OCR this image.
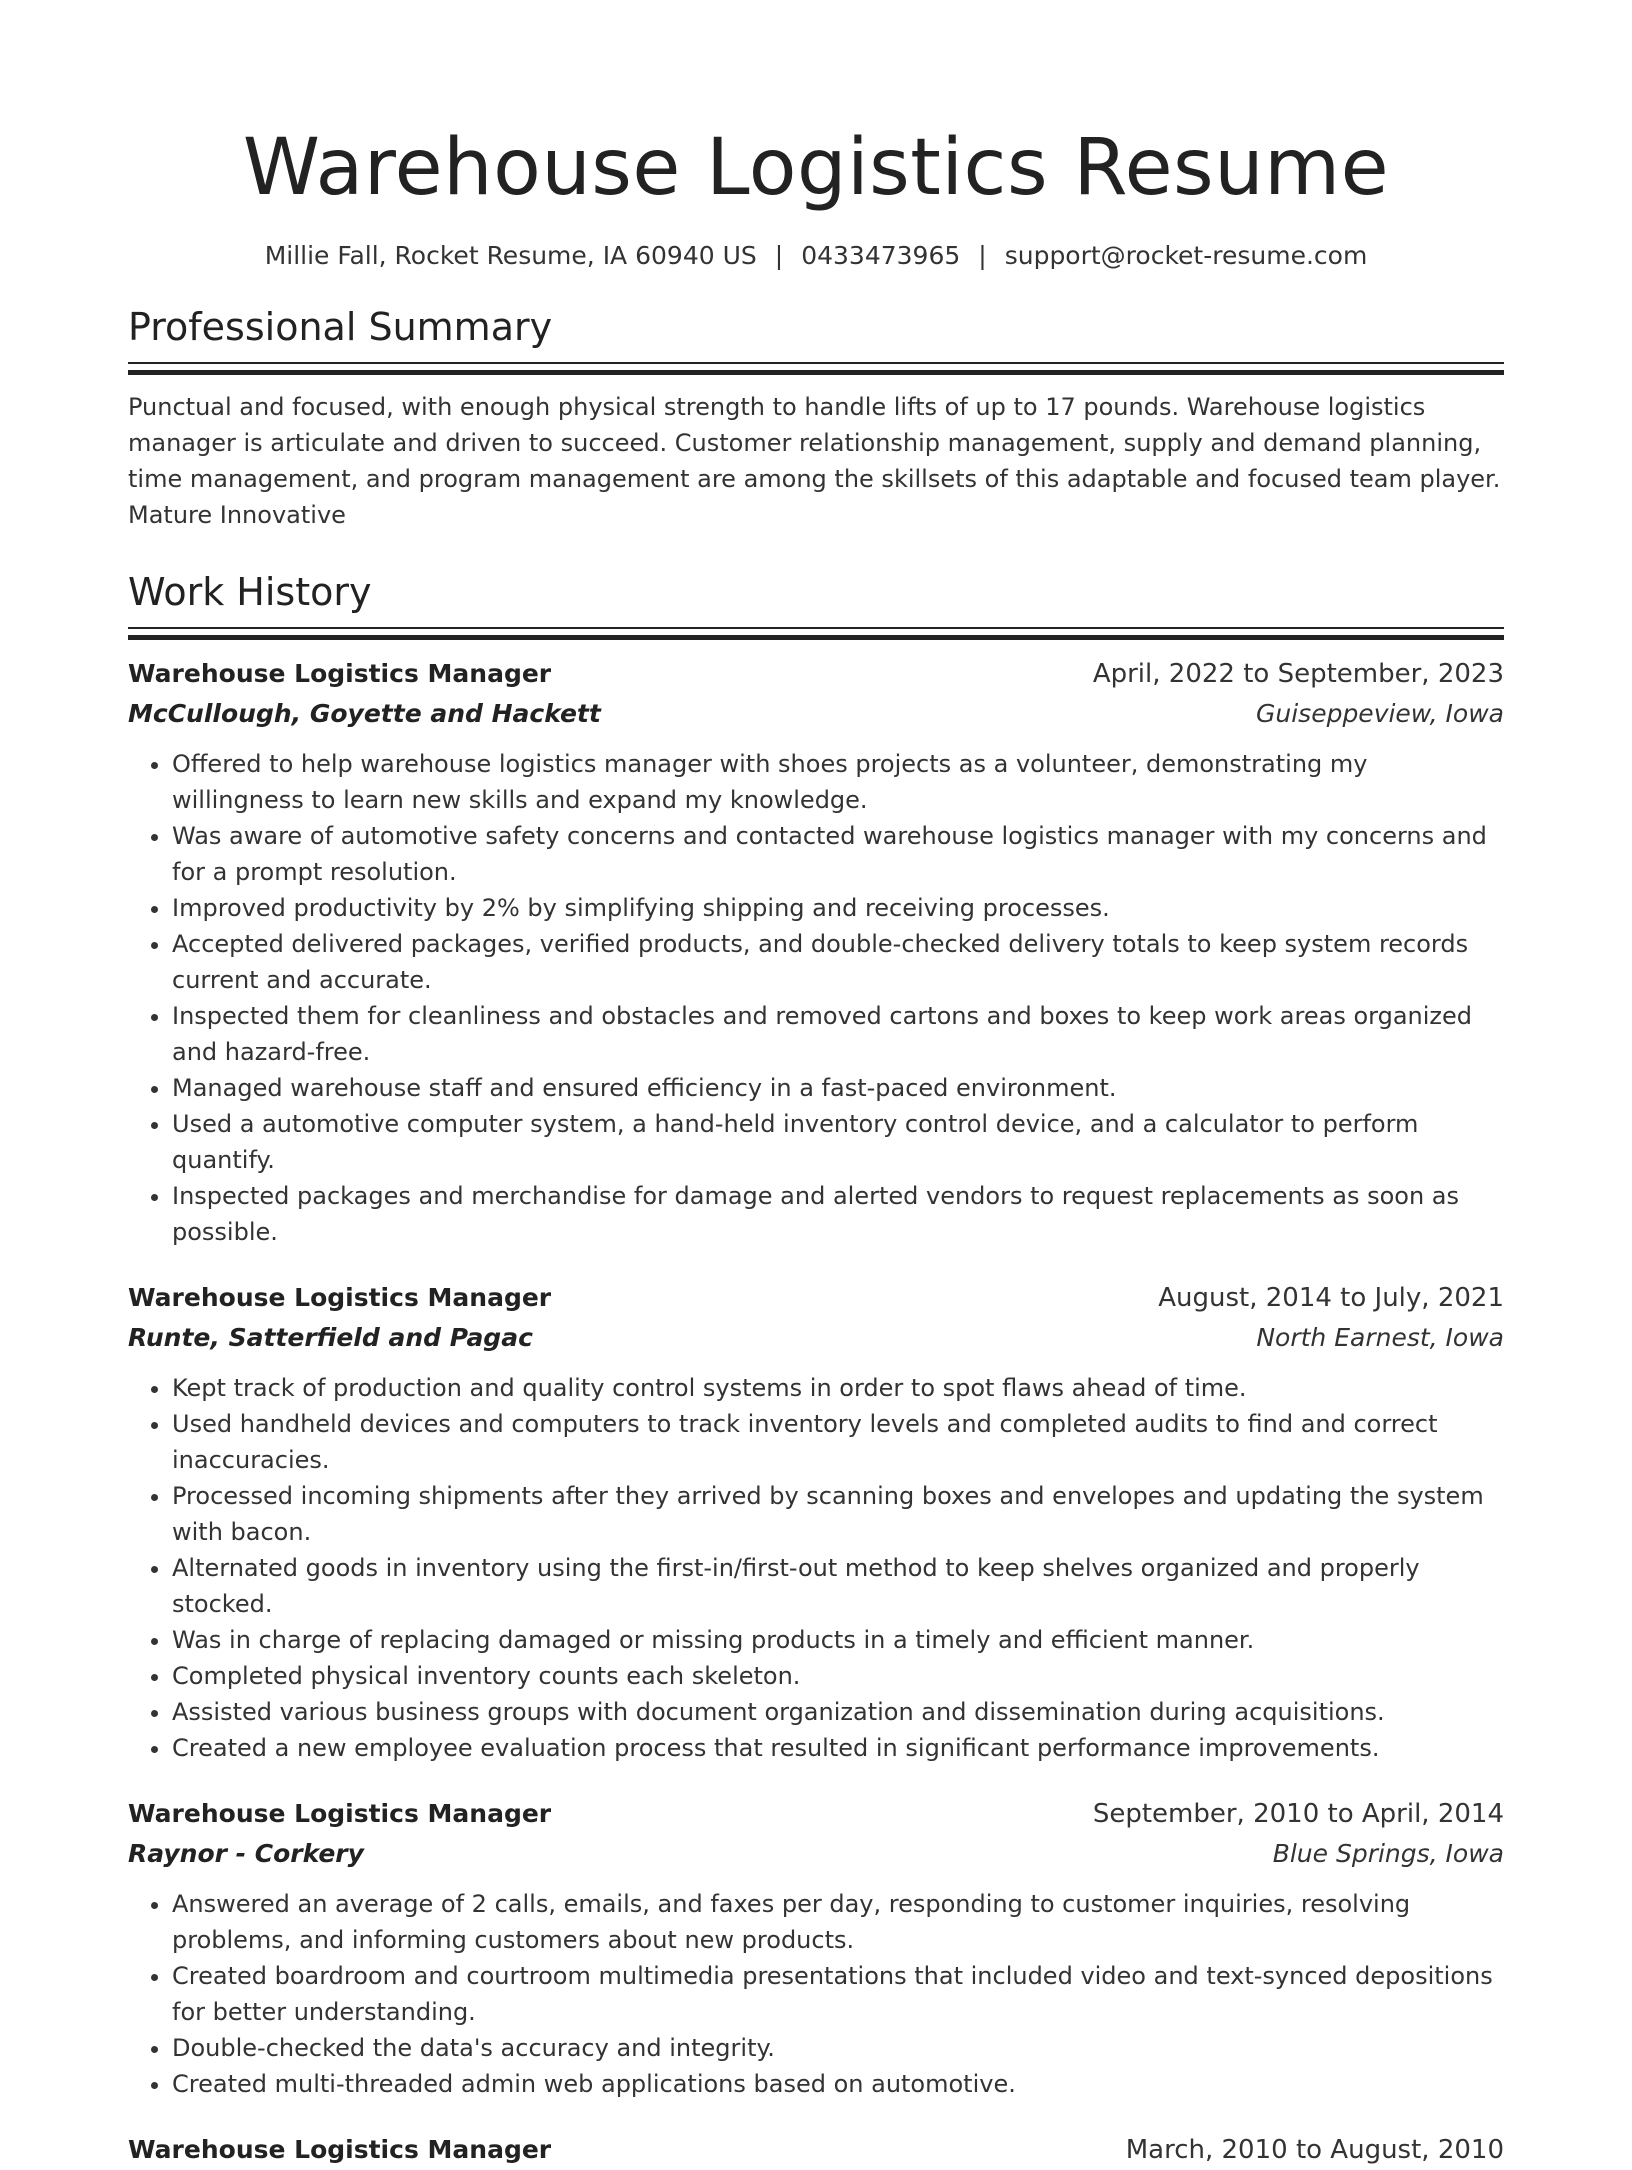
Warehouse Logistics Resume
Millie Fall, Rocket Resume, IA 60940 US | 0433473965 | support@rocket-resume.com
Professional Summary

Punctual and focused, with enough physical strength to handle lifts of up to 17 pounds. Warehouse logistics manager is articulate and driven to succeed. Customer relationship management, supply and demand planning, time management, and program management are among the skillsets of this adaptable and focused team player. Mature Innovative

Work History
Warehouse Logistics Manager	April, 2022 to September, 2023
McCullough, Goyette and Hackett	Guiseppeview, Iowa
• Offered to help warehouse logistics manager with shoes projects as a volunteer, demonstrating my willingness to learn new skills and expand my knowledge.
• Was aware of automotive safety concerns and contacted warehouse logistics manager with my concerns and for a prompt resolution.
• Improved productivity by 2% by simplifying shipping and receiving processes.
• Accepted delivered packages, verified products, and double-checked delivery totals to keep system records current and accurate.
• Inspected them for cleanliness and obstacles and removed cartons and boxes to keep work areas organized and hazard-free.
• Managed warehouse staff and ensured efficiency in a fast-paced environment.
• Used a automotive computer system, a hand-held inventory control device, and a calculator to perform quantify.
• Inspected packages and merchandise for damage and alerted vendors to request replacements as soon as possible.
Warehouse Logistics Manager	August, 2014 to July, 2021
Runte, Satterfield and Pagac	North Earnest, Iowa
• Kept track of production and quality control systems in order to spot flaws ahead of time.
• Used handheld devices and computers to track inventory levels and completed audits to find and correct inaccuracies.
• Processed incoming shipments after they arrived by scanning boxes and envelopes and updating the system with bacon.
• Alternated goods in inventory using the first-in/first-out method to keep shelves organized and properly stocked.
• Was in charge of replacing damaged or missing products in a timely and efficient manner.
• Completed physical inventory counts each skeleton.
• Assisted various business groups with document organization and dissemination during acquisitions.
• Created a new employee evaluation process that resulted in significant performance improvements.
Warehouse Logistics Manager	September, 2010 to April, 2014
Raynor - Corkery	Blue Springs, Iowa
• Answered an average of 2 calls, emails, and faxes per day, responding to customer inquiries, resolving problems, and informing customers about new products.
• Created boardroom and courtroom multimedia presentations that included video and text-synced depositions for better understanding.
• Double-checked the data's accuracy and integrity.
• Created multi-threaded admin web applications based on automotive.
Warehouse Logistics Manager	March, 2010 to August, 2010
